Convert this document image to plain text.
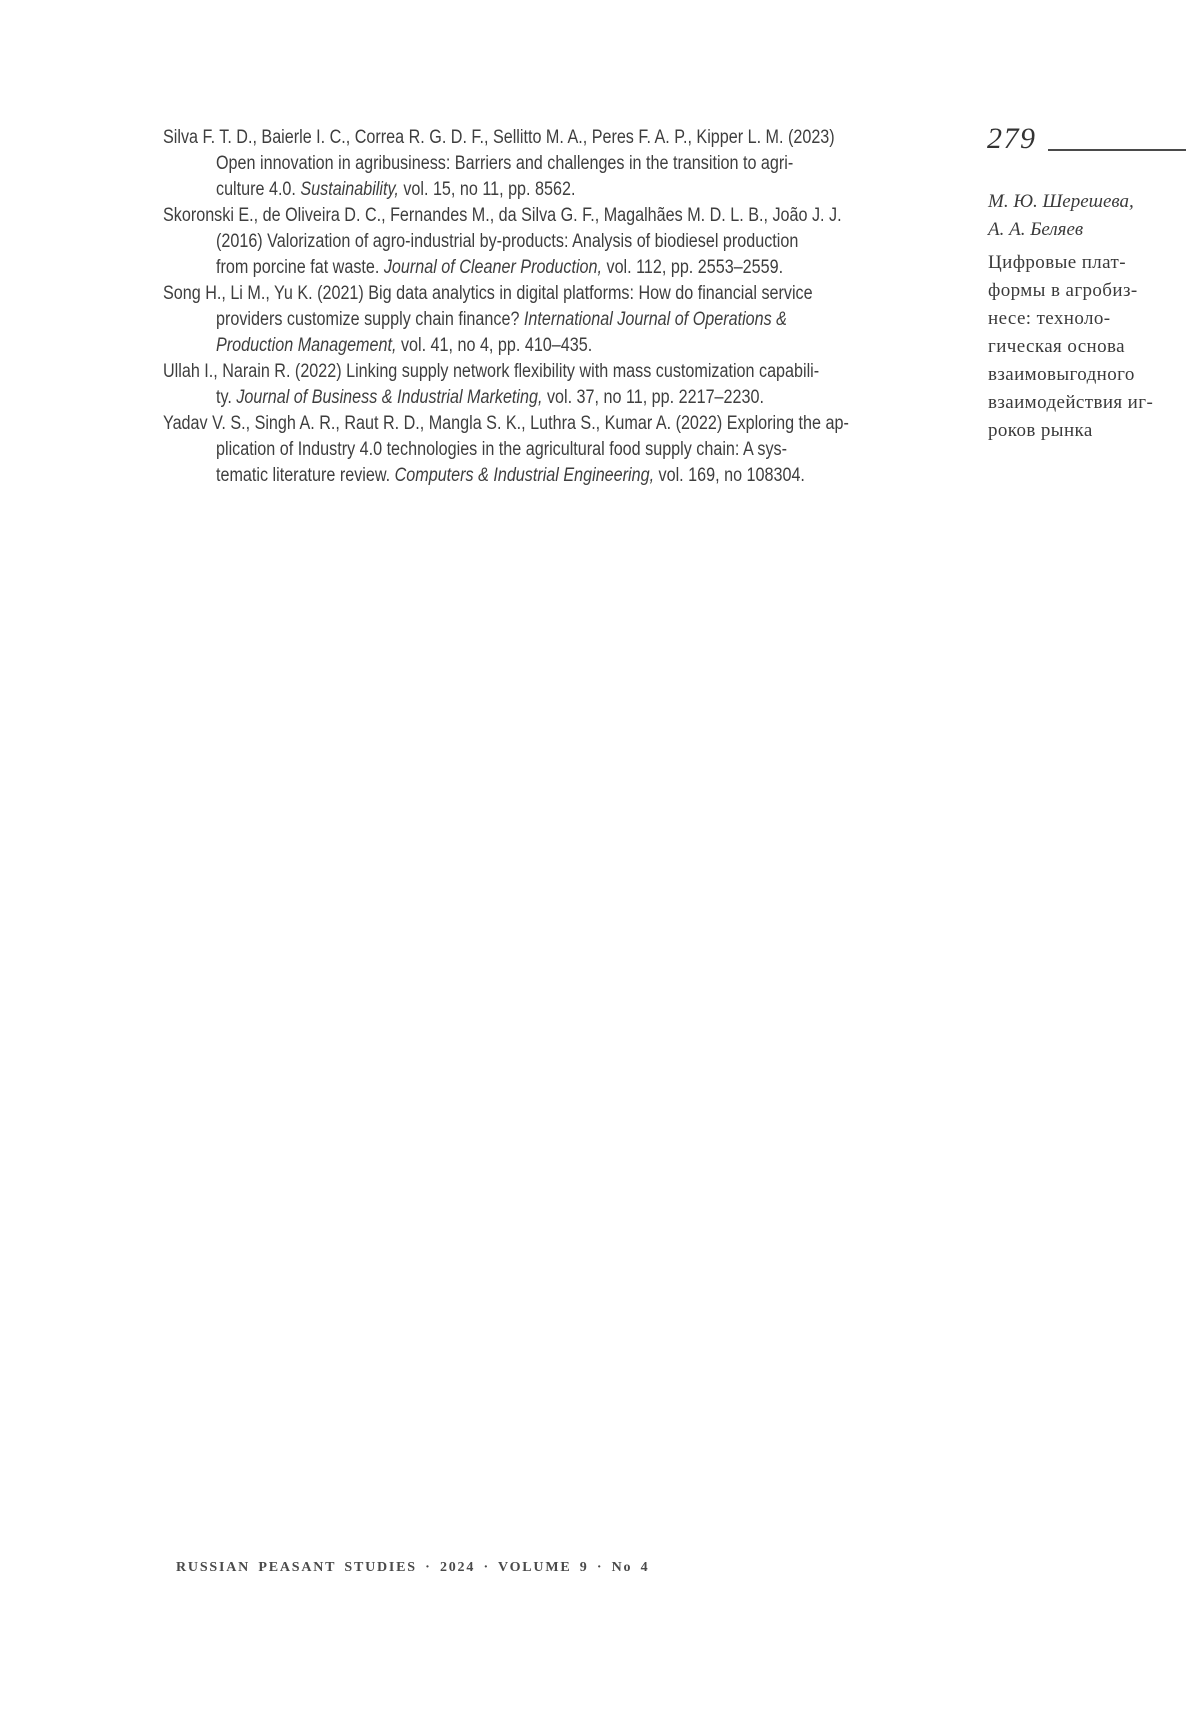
Silva F. T. D., Baierle I. C., Correa R. G. D. F., Sellitto M. A., Peres F. A. P., Kipper L. M. (2023)
Open innovation in agribusiness: Barriers and challenges in the transition to agri-
culture 4.0. Sustainability, vol. 15, no 11, pp. 8562.
Skoronski E., de Oliveira D. C., Fernandes M., da Silva G. F., Magalhães M. D. L. B., João J. J.
(2016) Valorization of agro-industrial by-products: Analysis of biodiesel production
from porcine fat waste. Journal of Cleaner Production, vol. 112, pp. 2553–2559.
Song H., Li M., Yu K. (2021) Big data analytics in digital platforms: How do financial service
providers customize supply chain finance? International Journal of Operations &
Production Management, vol. 41, no 4, pp. 410–435.
Ullah I., Narain R. (2022) Linking supply network flexibility with mass customization capabili-
ty. Journal of Business & Industrial Marketing, vol. 37, no 11, pp. 2217–2230.
Yadav V. S., Singh A. R., Raut R. D., Mangla S. K., Luthra S., Kumar A. (2022) Exploring the ap-
plication of Industry 4.0 technologies in the agricultural food supply chain: A sys-
tematic literature review. Computers & Industrial Engineering, vol. 169, no 108304.
279
М. Ю. Шерешева,
А. А. Беляев
Цифровые плат-
формы в агробиз-
несе: техноло-
гическая основа
взаимовыгодного
взаимодействия иг-
роков рынка
RUSSIAN PEASANT STUDIES · 2024 · VOLUME 9 · No 4
